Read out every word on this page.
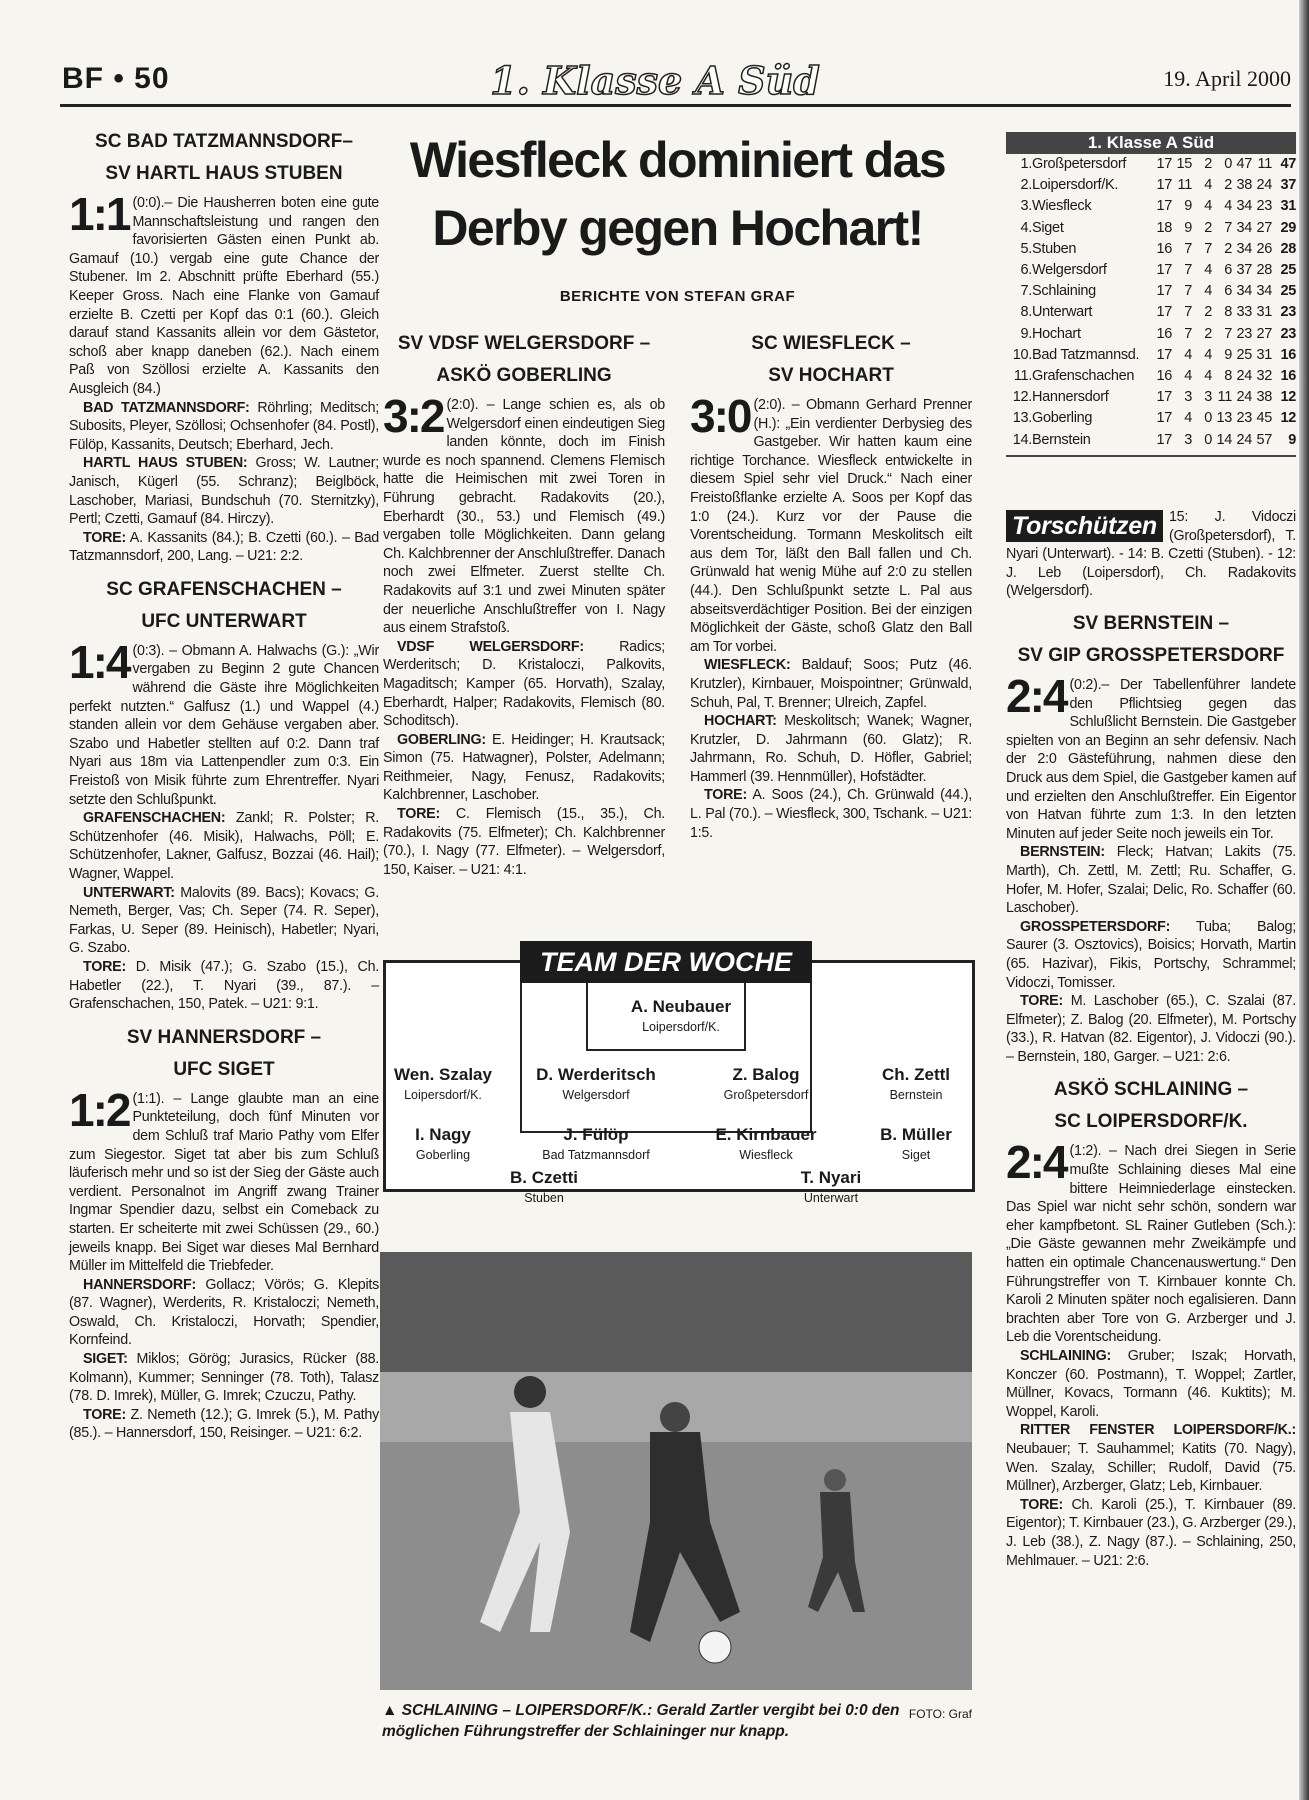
BF • 50	1. Klasse A Süd	19. April 2000
SC BAD TATZMANNSDORF–
SV HARTL HAUS STUBEN

1:1 (0:0).– Die Hausherren boten eine gute Mannschaftsleistung und rangen den favorisierten Gästen einen Punkt ab. Gamauf (10.) vergab eine gute Chance der Stubener. Im 2. Abschnitt prüfte Eberhard (55.) Keeper Gross. Nach eine Flanke von Gamauf erzielte B. Czetti per Kopf das 0:1 (60.). Gleich darauf stand Kassanits allein vor dem Gästetor, schoß aber knapp daneben (62.). Nach einem Paß von Szöllosi erzielte A. Kassanits den Ausgleich (84.)

BAD TATZMANNSDORF: Röhrling; Meditsch; Subosits, Pleyer, Szöllosi; Ochsenhofer (84. Postl), Fülöp, Kassanits, Deutsch; Eberhard, Jech.

HARTL HAUS STUBEN: Gross; W. Lautner; Janisch, Kügerl (55. Schranz); Beiglböck, Laschober, Mariasi, Bundschuh (70. Sternitzky), Pertl; Czetti, Gamauf (84. Hirczy).

TORE: A. Kassanits (84.); B. Czetti (60.). – Bad Tatzmannsdorf, 200, Lang. – U21: 2:2.

SC GRAFENSCHACHEN –
UFC UNTERWART

1:4 (0:3). – Obmann A. Halwachs (G.): „Wir vergaben zu Beginn 2 gute Chancen während die Gäste ihre Möglichkeiten perfekt nutzten.“ Galfusz (1.) und Wappel (4.) standen allein vor dem Gehäuse vergaben aber. Szabo und Habetler stellten auf 0:2. Dann traf Nyari aus 18m via Lattenpendler zum 0:3. Ein Freistoß von Misik führte zum Ehrentreffer. Nyari setzte den Schlußpunkt.

GRAFENSCHACHEN: Zankl; R. Polster; R. Schützenhofer (46. Misik), Halwachs, Pöll; E. Schützenhofer, Lakner, Galfusz, Bozzai (46. Hail); Wagner, Wappel.

UNTERWART: Malovits (89. Bacs); Kovacs; G. Nemeth, Berger, Vas; Ch. Seper (74. R. Seper), Farkas, U. Seper (89. Heinisch), Habetler; Nyari, G. Szabo.

TORE: D. Misik (47.); G. Szabo (15.), Ch. Habetler (22.), T. Nyari (39., 87.). – Grafenschachen, 150, Patek. – U21: 9:1.

SV HANNERSDORF –
UFC SIGET

1:2 (1:1). – Lange glaubte man an eine Punkteteilung, doch fünf Minuten vor dem Schluß traf Mario Pathy vom Elfer zum Siegestor. Siget tat aber bis zum Schluß läuferisch mehr und so ist der Sieg der Gäste auch verdient. Personalnot im Angriff zwang Trainer Ingmar Spendier dazu, selbst ein Comeback zu starten. Er scheiterte mit zwei Schüssen (29., 60.) jeweils knapp. Bei Siget war dieses Mal Bernhard Müller im Mittelfeld die Triebfeder.

HANNERSDORF: Gollacz; Vörös; G. Klepits (87. Wagner), Werderits, R. Kristaloczi; Nemeth, Oswald, Ch. Kristaloczi, Horvath; Spendier, Kornfeind.

SIGET: Miklos; Görög; Jurasics, Rücker (88. Kolmann), Kummer; Senninger (78. Toth), Talasz (78. D. Imrek), Müller, G. Imrek; Czuczu, Pathy.

TORE: Z. Nemeth (12.); G. Imrek (5.), M. Pathy (85.). – Hannersdorf, 150, Reisinger. – U21: 6:2.

Wiesfleck dominiert das Derby gegen Hochart!
BERICHTE VON STEFAN GRAF
SV VDSF WELGERSDORF –
ASKÖ GOBERLING

3:2 (2:0). – Lange schien es, als ob Welgersdorf einen eindeutigen Sieg landen könnte, doch im Finish wurde es noch spannend. Clemens Flemisch hatte die Heimischen mit zwei Toren in Führung gebracht. Radakovits (20.), Eberhardt (30., 53.) und Flemisch (49.) vergaben tolle Möglichkeiten. Dann gelang Ch. Kalchbrenner der Anschlußtreffer. Danach noch zwei Elfmeter. Zuerst stellte Ch. Radakovits auf 3:1 und zwei Minuten später der neuerliche Anschlußtreffer von I. Nagy aus einem Strafstoß.

VDSF WELGERSDORF: Radics; Werderitsch; D. Kristaloczi, Palkovits, Magaditsch; Kamper (65. Horvath), Szalay, Eberhardt, Halper; Radakovits, Flemisch (80. Schoditsch).

GOBERLING: E. Heidinger; H. Krautsack; Simon (75. Hatwagner), Polster, Adelmann; Reithmeier, Nagy, Fenusz, Radakovits; Kalchbrenner, Laschober.

TORE: C. Flemisch (15., 35.), Ch. Radakovits (75. Elfmeter); Ch. Kalchbrenner (70.), I. Nagy (77. Elfmeter). – Welgersdorf, 150, Kaiser. – U21: 4:1.

SC WIESFLECK –
SV HOCHART

3:0 (2:0). – Obmann Gerhard Prenner (H.): „Ein verdienter Derbysieg des Gastgeber. Wir hatten kaum eine richtige Torchance. Wiesfleck entwickelte in diesem Spiel sehr viel Druck.“ Nach einer Freistoßflanke erzielte A. Soos per Kopf das 1:0 (24.). Kurz vor der Pause die Vorentscheidung. Tormann Meskolitsch eilt aus dem Tor, läßt den Ball fallen und Ch. Grünwald hat wenig Mühe auf 2:0 zu stellen (44.). Den Schlußpunkt setzte L. Pal aus abseitsverdächtiger Position. Bei der einzigen Möglichkeit der Gäste, schoß Glatz den Ball am Tor vorbei.

WIESFLECK: Baldauf; Soos; Putz (46. Krutzler), Kirnbauer, Moispointner; Grünwald, Schuh, Pal, T. Brenner; Ulreich, Zapfel.

HOCHART: Meskolitsch; Wanek; Wagner, Krutzler, D. Jahrmann (60. Glatz); R. Jahrmann, Ro. Schuh, D. Höfler, Gabriel; Hammerl (39. Hennmüller), Hofstädter.

TORE: A. Soos (24.), Ch. Grünwald (44.), L. Pal (70.). – Wiesfleck, 300, Tschank. – U21: 1:5.

TEAM DER WOCHE
A. Neubauer
Loipersdorf/K.
Wen. Szalay
Loipersdorf/K.
D. Werderitsch
Welgersdorf
Z. Balog
Großpetersdorf
Ch. Zettl
Bernstein
I. Nagy
Goberling
J. Fülöp
Bad Tatzmannsdorf
E. Kirnbauer
Wiesfleck
B. Müller
Siget
B. Czetti
Stuben
T. Nyari
Unterwart
FOTO: Graf
▲ SCHLAINING – LOIPERSDORF/K.: Gerald Zartler vergibt bei 0:0 den möglichen Führungstreffer der Schlaininger nur knapp.
1. Klasse A Süd
1.	Großpetersdorf	17	15	2	0	47	11	47
2.	Loipersdorf/K.	17	11	4	2	38	24	37
3.	Wiesfleck	17	9	4	4	34	23	31
4.	Siget	18	9	2	7	34	27	29
5.	Stuben	16	7	7	2	34	26	28
6.	Welgersdorf	17	7	4	6	37	28	25
7.	Schlaining	17	7	4	6	34	34	25
8.	Unterwart	17	7	2	8	33	31	23
9.	Hochart	16	7	2	7	23	27	23
10.	Bad Tatzmannsd.	17	4	4	9	25	31	16
11.	Grafenschachen	16	4	4	8	24	32	16
12.	Hannersdorf	17	3	3	11	24	38	12
13.	Goberling	17	4	0	13	23	45	12
14.	Bernstein	17	3	0	14	24	57	9
Torschützen 15: J. Vidoczi (Großpetersdorf), T. Nyari (Unterwart). - 14: B. Czetti (Stuben). - 12: J. Leb (Loipersdorf), Ch. Radakovits (Welgersdorf).
SV BERNSTEIN –
SV GIP GROSSPETERSDORF

2:4 (0:2).– Der Tabellenführer landete den Pflichtsieg gegen das Schlußlicht Bernstein. Die Gastgeber spielten von an Beginn an sehr defensiv. Nach der 2:0 Gästeführung, nahmen diese den Druck aus dem Spiel, die Gastgeber kamen auf und erzielten den Anschlußtreffer. Ein Eigentor von Hatvan führte zum 1:3. In den letzten Minuten auf jeder Seite noch jeweils ein Tor.

BERNSTEIN: Fleck; Hatvan; Lakits (75. Marth), Ch. Zettl, M. Zettl; Ru. Schaffer, G. Hofer, M. Hofer, Szalai; Delic, Ro. Schaffer (60. Laschober).

GROSSPETERSDORF: Tuba; Balog; Saurer (3. Osztovics), Boisics; Horvath, Martin (65. Hazivar), Fikis, Portschy, Schrammel; Vidoczi, Tomisser.

TORE: M. Laschober (65.), C. Szalai (87. Elfmeter); Z. Balog (20. Elfmeter), M. Portschy (33.), R. Hatvan (82. Eigentor), J. Vidoczi (90.). – Bernstein, 180, Garger. – U21: 2:6.

ASKÖ SCHLAINING –
SC LOIPERSDORF/K.

2:4 (1:2). – Nach drei Siegen in Serie mußte Schlaining dieses Mal eine bittere Heimniederlage einstecken. Das Spiel war nicht sehr schön, sondern war eher kampfbetont. SL Rainer Gutleben (Sch.): „Die Gäste gewannen mehr Zweikämpfe und hatten ein optimale Chancenauswertung.“ Den Führungstreffer von T. Kirnbauer konnte Ch. Karoli 2 Minuten später noch egalisieren. Dann brachten aber Tore von G. Arzberger und J. Leb die Vorentscheidung.

SCHLAINING: Gruber; Iszak; Horvath, Konczer (60. Postmann), T. Woppel; Zartler, Müllner, Kovacs, Tormann (46. Kuktits); M. Woppel, Karoli.

RITTER FENSTER LOIPERSDORF/K.: Neubauer; T. Sauhammel; Katits (70. Nagy), Wen. Szalay, Schiller; Rudolf, David (75. Müllner), Arzberger, Glatz; Leb, Kirnbauer.

TORE: Ch. Karoli (25.), T. Kirnbauer (89. Eigentor); T. Kirnbauer (23.), G. Arzberger (29.), J. Leb (38.), Z. Nagy (87.). – Schlaining, 250, Mehlmauer. – U21: 2:6.
